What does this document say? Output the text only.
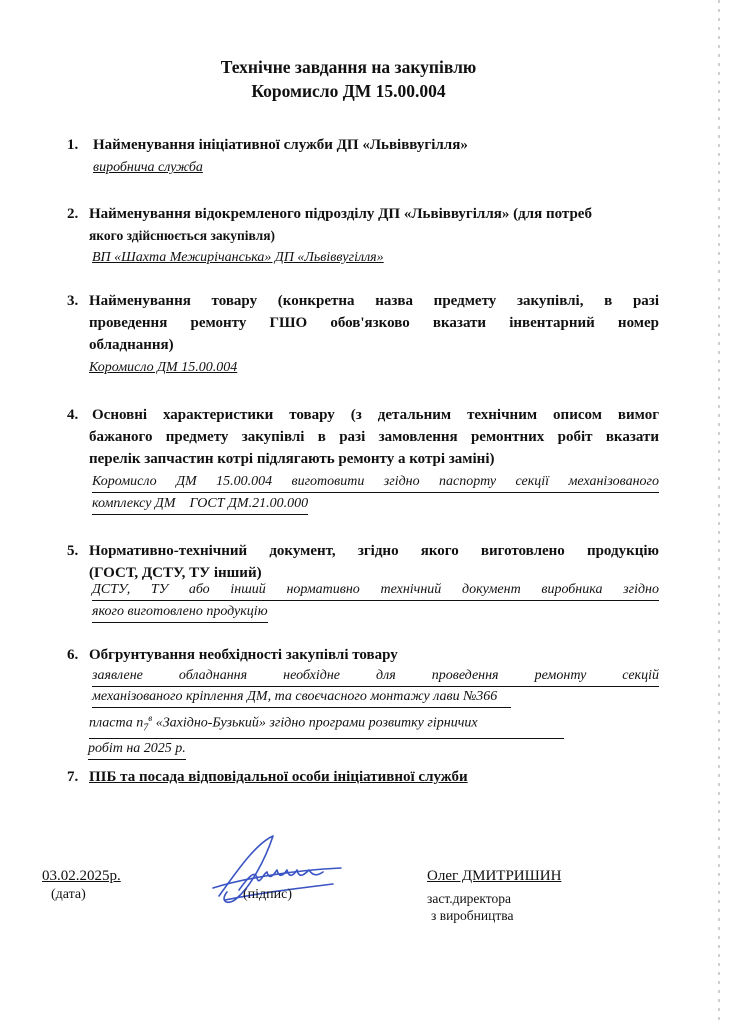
Технічне завдання на закупівлю
Коромисло ДМ 15.00.004
1. Найменування ініціативної служби ДП «Львіввугілля»
виробнича служба
2. Найменування відокремленого підрозділу ДП «Львіввугілля» (для потреб
якого здійснюється закупівля)
ВП «Шахта Межирічанська» ДП «Львіввугілля»
3. Найменування товару (конкретна назва предмету закупівлі, в разі
проведення ремонту ГШО обов'язково вказати інвентарний номер
обладнання)
Коромисло ДМ 15.00.004
4. Основні характеристики товару (з детальним технічним описом вимог
бажаного предмету закупівлі в разі замовлення ремонтних робіт вказати
перелік запчастин котрі підлягають ремонту а котрі заміні)
Коромисло ДМ 15.00.004 виготовити згідно паспорту секції механізованого
комплексу ДМ    ГОСТ ДМ.21.00.000
5. Нормативно-технічний документ, згідно якого виготовлено продукцію
(ГОСТ, ДСТУ, ТУ інший)
ДСТУ, ТУ або інший нормативно технічний документ виробника згідно
якого виготовлено продукцію
6. Обгрунтування необхідності закупівлі товару
заявлене обладнання необхідне для проведення ремонту секцій
механізованого кріплення ДМ, та своєчасного монтажу лави №366
пласта $n_7^в$ «Західно-Бузький» згідно програми розвитку гірничих
робіт на 2025 р.
7. ПІБ та посада відповідальної особи ініціативної служби
03.02.2025р.
(дата)	(підпис)
Олег ДМИТРИШИН
заст.директора
з виробництва
